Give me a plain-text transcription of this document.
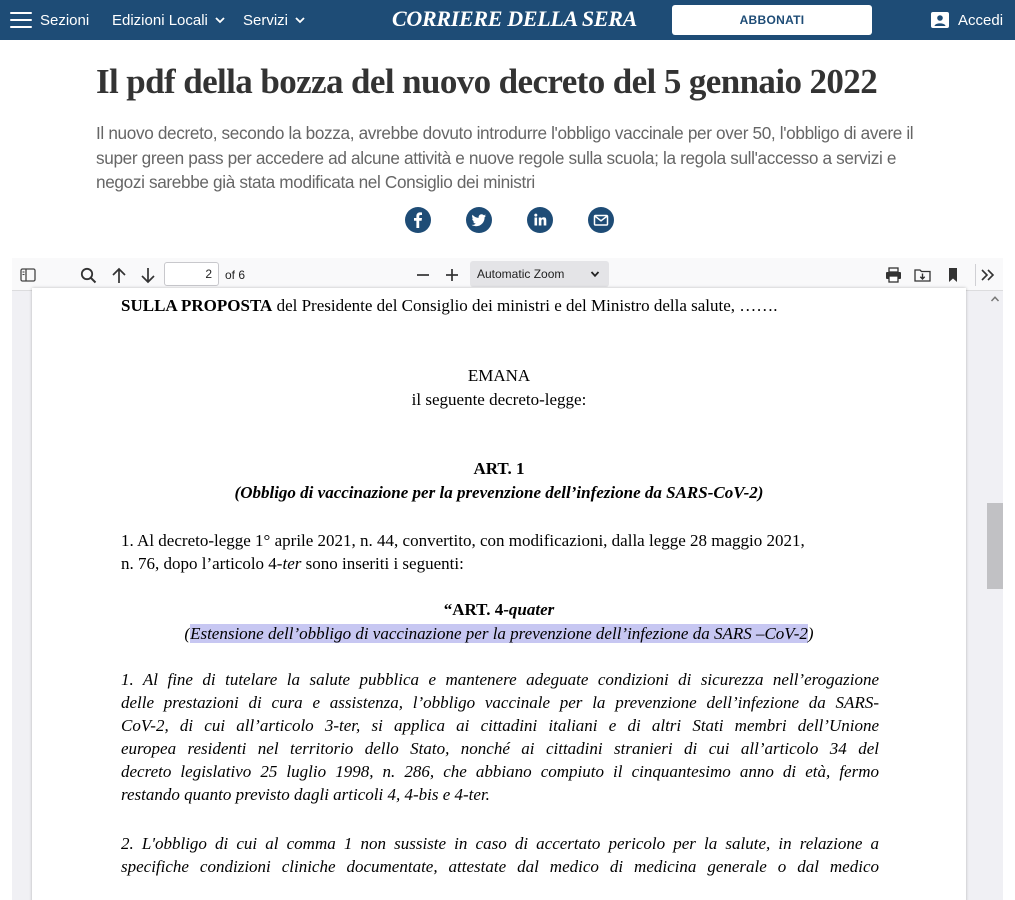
Sezioni Edizioni Locali Servizi	CORRIERE DELLA SERA	ABBONATI	Accedi
Il pdf della bozza del nuovo decreto del 5 gennaio 2022

Il nuovo decreto, secondo la bozza, avrebbe dovuto introdurre l'obbligo vaccinale per over 50, l'obbligo di avere il super green pass per accedere ad alcune attività e nuove regole sulla scuola; la regola sull'accesso a servizi e negozi sarebbe già stata modificata nel Consiglio dei ministri

2
of 6	Automatic Zoom
SULLA PROPOSTA del Presidente del Consiglio dei ministri e del Ministro della salute, …….
EMANA
il seguente decreto-legge:
ART. 1
(Obbligo di vaccinazione per la prevenzione dell’infezione da SARS-CoV-2)
1. Al decreto-legge 1° aprile 2021, n. 44, convertito, con modificazioni, dalla legge 28 maggio 2021,
n. 76, dopo l’articolo 4-ter sono inseriti i seguenti:
“ART. 4-quater
(Estensione dell’obbligo di vaccinazione per la prevenzione dell’infezione da SARS –CoV-2)
1. Al fine di tutelare la salute pubblica e mantenere adeguate condizioni di sicurezza nell’erogazione
delle prestazioni di cura e assistenza, l’obbligo vaccinale per la prevenzione dell’infezione da SARS-
CoV-2, di cui all’articolo 3-ter, si applica ai cittadini italiani e di altri Stati membri dell’Unione
europea residenti nel territorio dello Stato, nonché ai cittadini stranieri di cui all’articolo 34 del
decreto legislativo 25 luglio 1998, n. 286, che abbiano compiuto il cinquantesimo anno di età, fermo
restando quanto previsto dagli articoli 4, 4-bis e 4-ter.
2. L'obbligo di cui al comma 1 non sussiste in caso di accertato pericolo per la salute, in relazione a
specifiche condizioni cliniche documentate, attestate dal medico di medicina generale o dal medico
